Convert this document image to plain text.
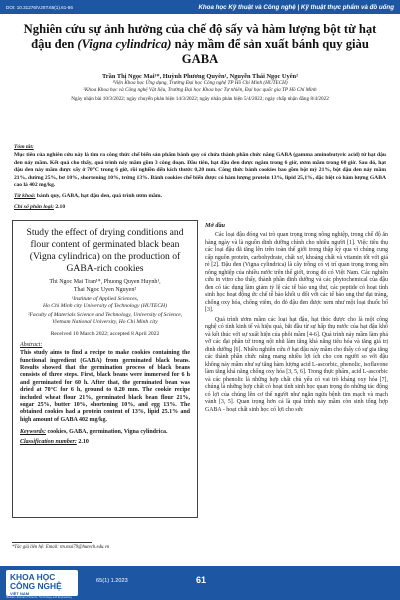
DOI: 10.31276/VJST.65(1).61-66	Khoa học Kỹ thuật và Công nghệ | Kỹ thuật thực phẩm và đồ uống
Nghiên cứu sự ảnh hưởng của chế độ sấy và hàm lượng bột từ hạt đậu đen (Vigna cylindrica) nảy mầm để sản xuất bánh quy giàu GABA
Trần Thị Ngọc Mai¹*, Huỳnh Phương Quyên¹, Nguyễn Thái Ngọc Uyên²
¹Viện Khoa học Ứng dụng, Trường Đại học Công nghệ TP Hồ Chí Minh (HUTECH)
²Khoa Khoa học và Công nghệ Vật liệu, Trường Đại học Khoa học Tự nhiên, Đại học quốc gia TP Hồ Chí Minh
Ngày nhận bài 10/3/2022; ngày chuyển phản biện 14/3/2022; ngày nhận phản biện 5/4/2022; ngày chấp nhận đăng 8/4/2022
Tóm tắt:
Mục tiêu của nghiên cứu này là tìm ra công thức chế biến sản phẩm bánh quy có chứa thành phần chức năng GABA (gamma aminobutyric acid) từ hạt đậu đen nảy mầm. Kết quả cho thấy, quá trình nảy mầm gồm 3 công đoạn. Đầu tiên, hạt đậu đen được ngâm trong 6 giờ, ươm mầm trong 60 giờ. Sau đó, hạt đậu đen nảy mầm được sấy ở 70°C trong 6 giờ, rồi nghiền đến kích thước 0,20 mm. Công thức bánh cookies bao gồm bột mỳ 21%, bột đậu đen nảy mầm 21%, đường 25%, bơ 10%, shortening 10%, trứng 13%. Bánh cookies chế biến được có hàm lượng protein 13%, lipid 25,1%, đặc biệt có hàm lượng GABA cao là 402 mg/kg.
Từ khoá: bánh quy, GABA, hạt đậu đen, quá trình ươm mầm.
Chỉ số phân loại: 2.10
Study the effect of drying conditions and flour content of germinated black bean (Vigna cylindrica) on the production of GABA-rich cookies
Thi Ngoc Mai Tran¹*, Phuong Quyen Huynh¹,
Thai Ngoc Uyen Nguyen²
¹Institute of Applied Sciences,
Ho Chi Minh city University of Technology (HUTECH)
²Faculty of Materials Science and Technology, University of Science,
Vietnam National University, Ho Chi Minh city
Received 10 March 2022; accepted 8 April 2022
Abstract:
This study aims to find a recipe to make cookies containing the functional ingredient (GABA) from germinated black beans. Results showed that the germination process of black beans consists of three steps. First, black beans were immersed for 6 h and germinated for 60 h. After that, the germinated bean was dried at 70°C for 6 h, ground to 0.20 mm. The cookie recipe included wheat flour 21%, germinated black bean flour 21%, sugar 25%, butter 10%, shortening 10%, and egg 13%. The obtained cookies had a protein content of 13%, lipid 25.1% and high amount of GABA 402 mg/kg.
Keywords: cookies, GABA, germination, Vigna cylindrica.
Classification number: 2.10
Mở đầu

Các loại đậu đóng vai trò quan trọng trong nông nghiệp, trong chế độ ăn hàng ngày và là nguồn dinh dưỡng chính cho nhiều người [1]. Việc tiêu thụ các loại đậu đã tăng lên trên toàn thế giới trong thập kỷ qua vì chúng cung cấp nguồn protein, carbohydrate, chất xơ, khoáng chất và vitamin tốt với giá rẻ [2]. Đậu đen (Vigna cylindrica) là cây trồng có vị trí quan trọng trong nền nông nghiệp của nhiều nước trên thế giới, trong đó có Việt Nam. Các nghiên cứu in vitro cho thấy, thành phần dinh dưỡng và các phytochemical của đậu đen có tác dụng làm giảm tỷ lệ các tế bào ung thư, các peptide có hoạt tính sinh học hoạt động ức chế tế bào khối u đối với các tế bào ung thư đại tràng, chống oxy hóa, chống viêm, do đó đậu đen được xem như một loại thuốc bổ [3].

Quá trình ươm mầm các loại hạt đậu, hạt thóc được cho là một công nghệ có tính kinh tế và hiệu quả, bắt đầu từ sự hấp thụ nước của hạt đậu khô và kết thúc với sự xuất hiện của phôi mầm [4-6]. Quá trình nảy mầm làm phá vỡ các đại phân tử trong nội nhũ làm tăng khả năng tiêu hóa và tăng giá trị dinh dưỡng [6]. Nhiều nghiên cứu ở hạt đậu nảy mầm cho thấy có sự gia tăng các thành phần chức năng mang nhiều lợi ích cho con người so với đậu không nảy mầm như sự tăng hàm lượng acid L-ascorbic, phenolic, isoflavone làm tăng khả năng chống oxy hóa [3, 5, 6]. Trong thực phẩm, acid L-ascorbic và các phenolic là những hợp chất chủ yếu có vai trò kháng oxy hóa [7], chúng là những hợp chất có hoạt tính sinh học quan trọng do những tác động có lợi của chúng lên cơ thể người như ngăn ngừa bệnh tim mạch và mạch vành [3, 5]. Quan trọng hơn cả là quá trình nảy mầm còn sinh tổng hợp GABA - hoạt chất sinh học có lợi cho sức

*Tác giả liên hệ: Email: tm.mai79@hutech.edu.vn
KHOA HỌC
CÔNG NGHỆ
VIỆT NAM
Vietnam Journal of Science, Technology and Engineering
65(1) 1.2023	61
